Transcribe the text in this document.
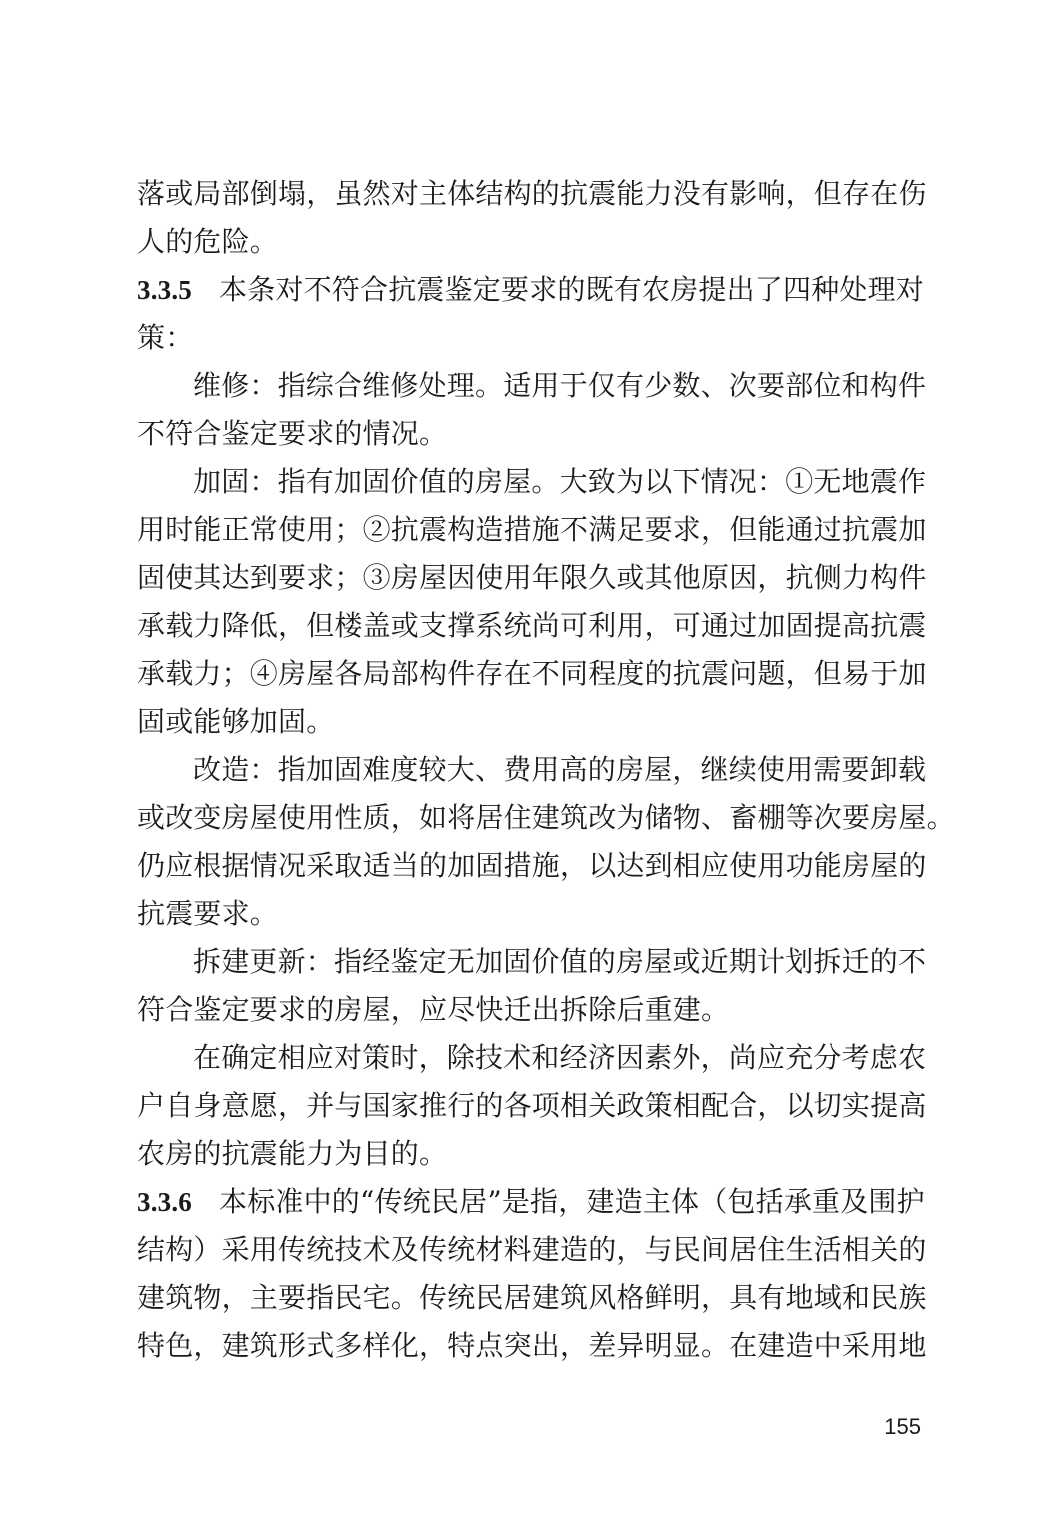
落或局部倒塌，虽然对主体结构的抗震能力没有影响，但存在伤
人的危险。
3.3.5 本条对不符合抗震鉴定要求的既有农房提出了四种处理对
策：
维修：指综合维修处理。适用于仅有少数、次要部位和构件
不符合鉴定要求的情况。
加固：指有加固价值的房屋。大致为以下情况：①无地震作
用时能正常使用；②抗震构造措施不满足要求，但能通过抗震加
固使其达到要求；③房屋因使用年限久或其他原因，抗侧力构件
承载力降低，但楼盖或支撑系统尚可利用，可通过加固提高抗震
承载力；④房屋各局部构件存在不同程度的抗震问题，但易于加
固或能够加固。
改造：指加固难度较大、费用高的房屋，继续使用需要卸载
或改变房屋使用性质，如将居住建筑改为储物、畜棚等次要房屋。
仍应根据情况采取适当的加固措施，以达到相应使用功能房屋的
抗震要求。
拆建更新：指经鉴定无加固价值的房屋或近期计划拆迁的不
符合鉴定要求的房屋，应尽快迁出拆除后重建。
在确定相应对策时，除技术和经济因素外，尚应充分考虑农
户自身意愿，并与国家推行的各项相关政策相配合，以切实提高
农房的抗震能力为目的。
3.3.6 本标准中的“传统民居”是指，建造主体（包括承重及围护
结构）采用传统技术及传统材料建造的，与民间居住生活相关的
建筑物，主要指民宅。传统民居建筑风格鲜明，具有地域和民族
特色，建筑形式多样化，特点突出，差异明显。在建造中采用地
155
